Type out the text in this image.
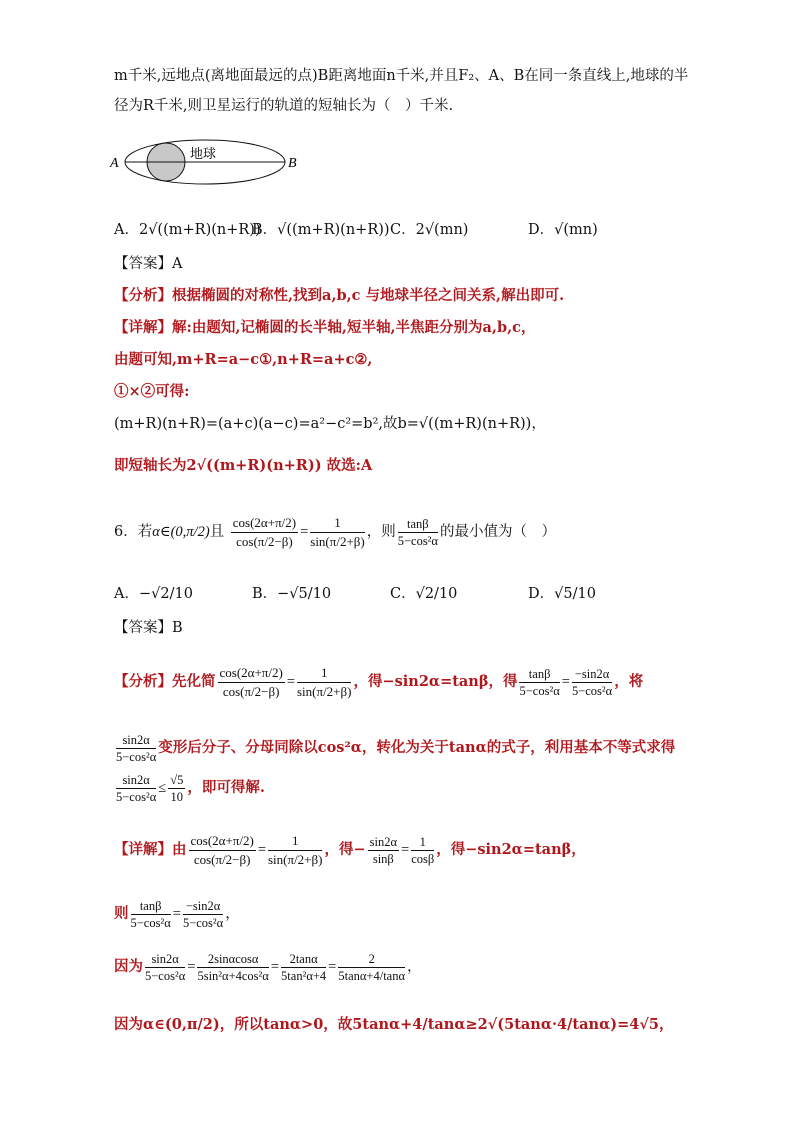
m千米,远地点(离地面最远的点)B距离地面n千米,并且F₂、A、B在同一条直线上,地球的半
径为R千米,则卫星运行的轨道的短轴长为（　）千米.
A	B
地球
A．2√((m+R)(n+R))
B．√((m+R)(n+R)) C．2√(mn)	D．√(mn)
【答案】A
【分析】根据椭圆的对称性,找到a,b,c 与地球半径之间关系,解出即可.
【详解】解:由题知,记椭圆的长半轴,短半轴,半焦距分别为a,b,c，
由题可知,m+R=a−c①,n+R=a+c②,
①×②可得:
(m+R)(n+R)=(a+c)(a−c)=a²−c²=b²,故b=√((m+R)(n+R))，
即短轴长为2√((m+R)(n+R)) 故选:A
6．若α∈(0,π/2)且 $\frac{\cos(2\alpha+\pi/2)}{\cos(\pi/2-\beta)} = \frac{1}{\sin(\pi/2+\beta)}$ ，则 $\frac{\tan\beta}{\text{5−cos²α}}$ 的最小值为（　）
A．−√2/10	B．−√5/10	C．√2/10	D．√5/10
【答案】B
【分析】先化简 $\frac{\cos(2\alpha+\pi/2)}{\cos(\pi/2-\beta)} = \frac{1}{\sin(\pi/2+\beta)}$ ，得−sin2α=tanβ，得 $\frac{\tan\beta}{\text{5−cos²α}} = \frac{-\sin 2\alpha}{\text{5−cos²α}}$ ，将
$\frac{\sin 2\alpha}{\text{5−cos²α}}$ 变形后分子、分母同除以cos²α，转化为关于tanα的式子，利用基本不等式求得
$\frac{\sin 2\alpha}{\text{5−cos²α}} \le \frac{√5}{10}$ ，即可得解.
【详解】由 $\frac{\cos(2\alpha+\pi/2)}{\cos(\pi/2-\beta)} = \frac{1}{\sin(\pi/2+\beta)}$ ，得− $\frac{\sin 2\alpha}{\sin\beta} = \frac{1}{\cos\beta}$ ，得−sin2α=tanβ，
则 $\frac{\tan\beta}{\text{5−cos²α}} = \frac{-\sin 2\alpha}{\text{5−cos²α}}$ ，
因为 $\frac{\sin 2\alpha}{\text{5−cos²α}} = \frac{2\sin\alpha\cos\alpha}{\text{5sin²α+4cos²α}} = \frac{2\tan\alpha}{\text{5tan²α+4}} = \frac{2}{5\tan\alpha+4/\tan\alpha}$ ，
因为α∈(0,π/2)，所以tanα>0，故5tanα+4/tanα≥2√(5tanα·4/tanα)=4√5，
